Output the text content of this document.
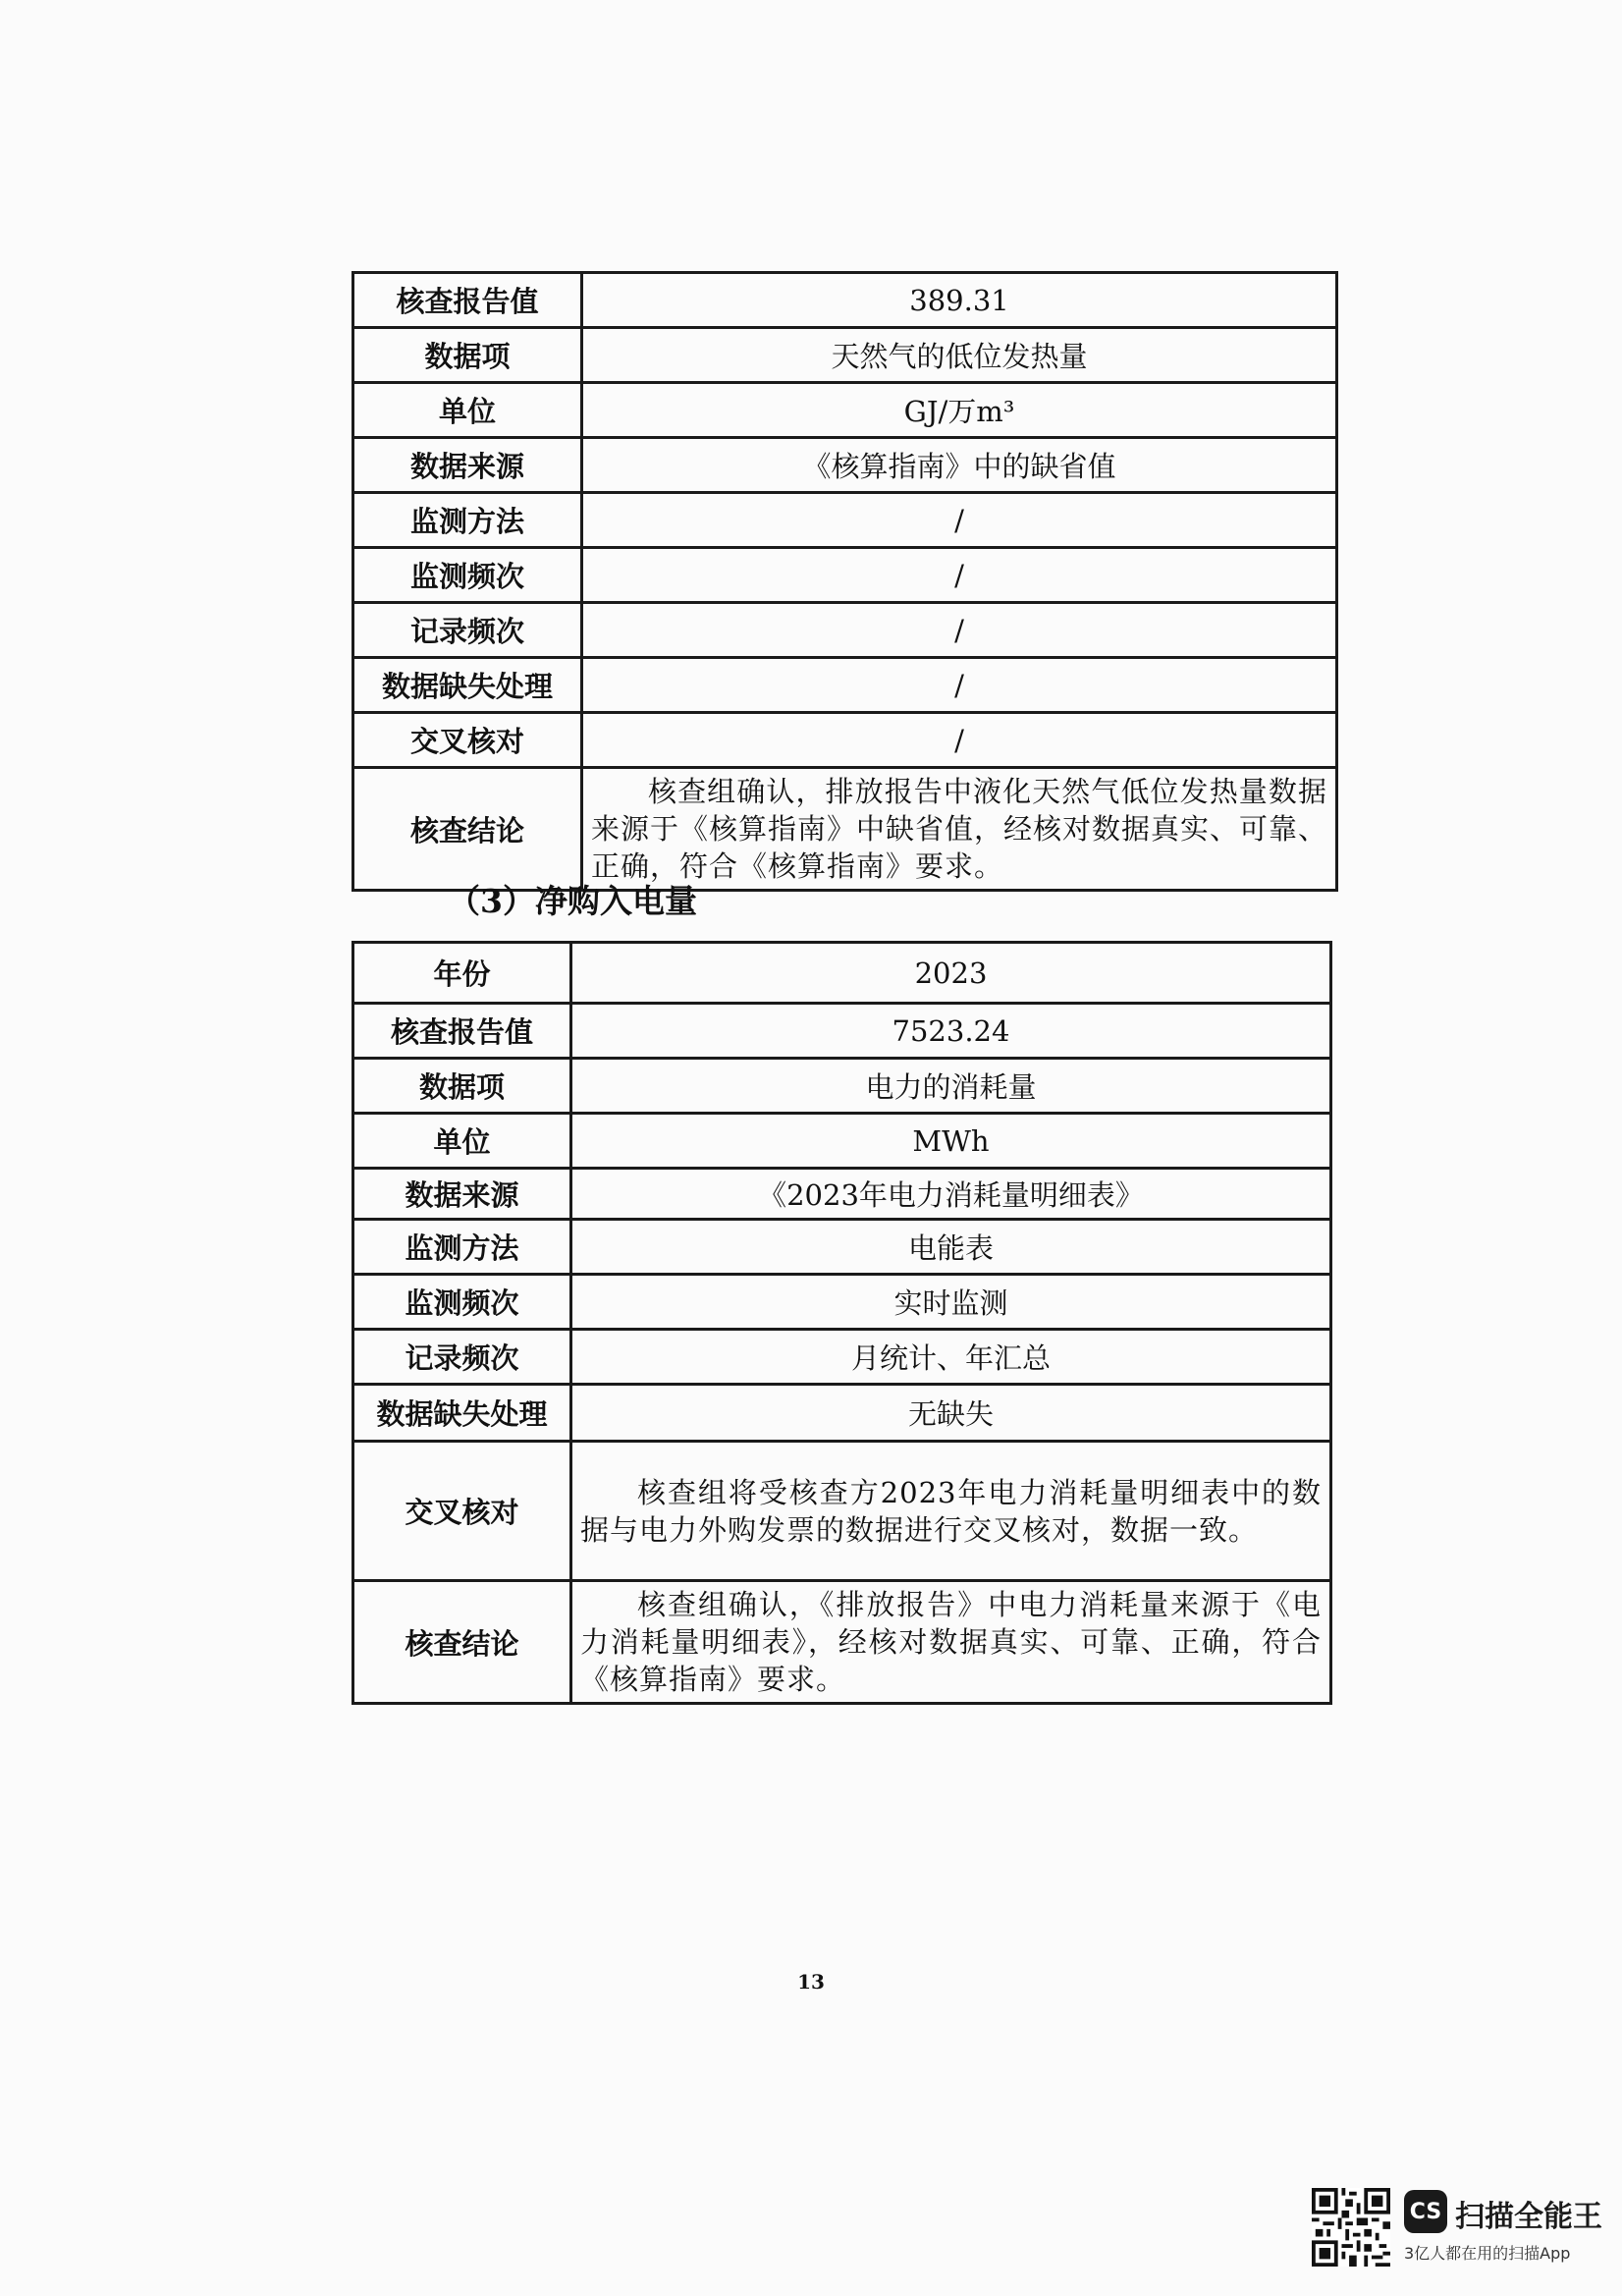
核查报告值	389.31
数据项	天然气的低位发热量
单位	GJ/万m³
数据来源	《核算指南》中的缺省值
监测方法	/
监测频次	/
记录频次	/
数据缺失处理	/
交叉核对	/
核查结论	核查组确认，排放报告中液化天然气低位发热量数据来源于《核算指南》中缺省值，经核对数据真实、可靠、正确，符合《核算指南》要求。
（3）净购入电量
年份	2023
核查报告值	7523.24
数据项	电力的消耗量
单位	MWh
数据来源	《2023年电力消耗量明细表》
监测方法	电能表
监测频次	实时监测
记录频次	月统计、年汇总
数据缺失处理	无缺失
交叉核对	核查组将受核查方2023年电力消耗量明细表中的数据与电力外购发票的数据进行交叉核对，数据一致。
核查结论	核查组确认，《排放报告》中电力消耗量来源于《电力消耗量明细表》，经核对数据真实、可靠、正确，符合《核算指南》要求。
13
CS 扫描全能王
3亿人都在用的扫描App
